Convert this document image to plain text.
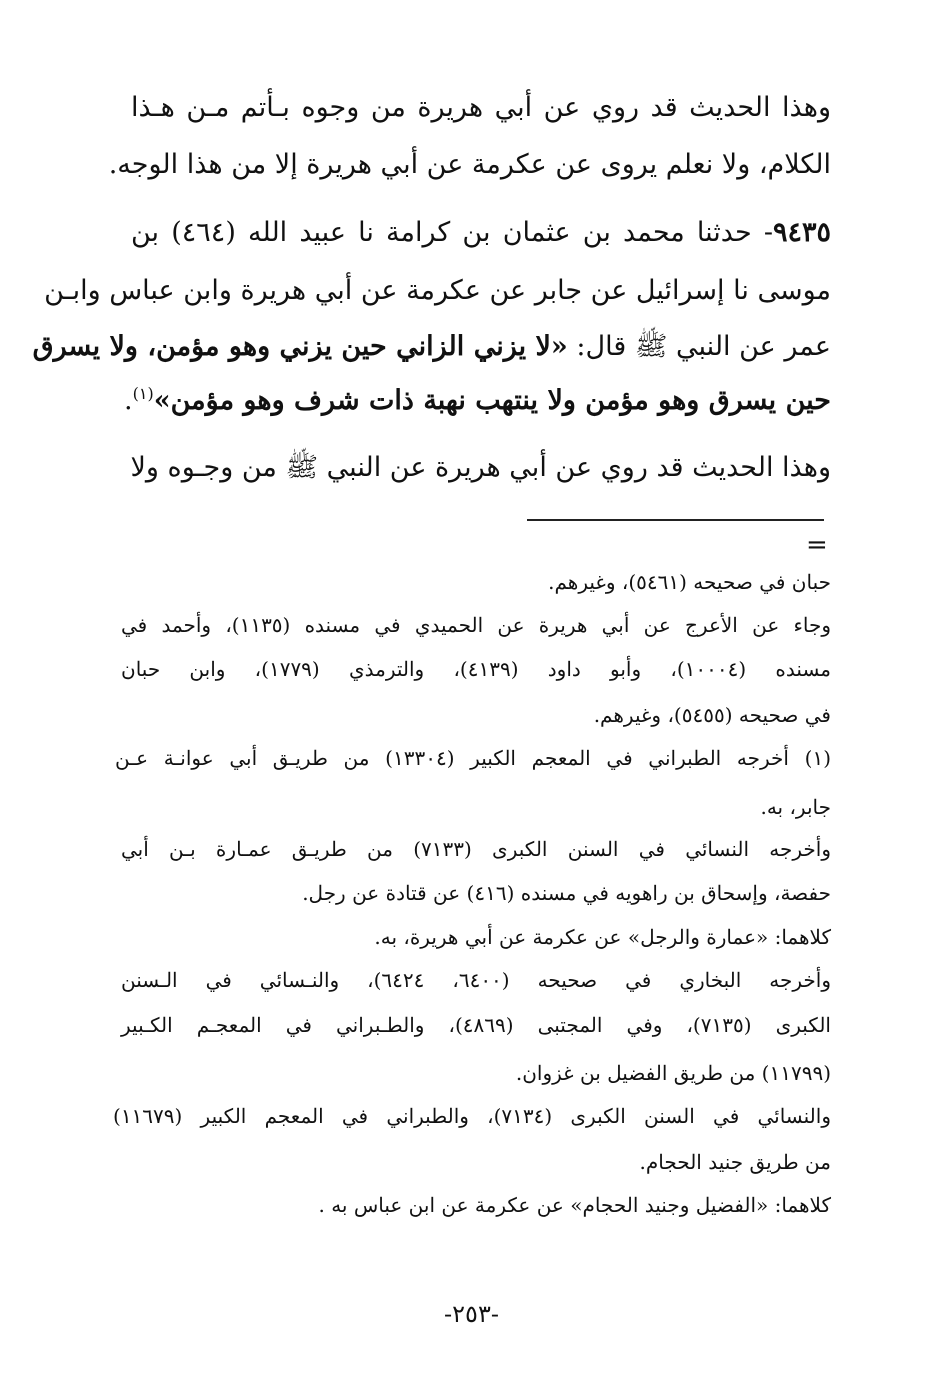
وهذا الحديث قد روي عن أبي هريرة من وجوه بـأتم مـن هـذا
الكلام، ولا نعلم يروى عن عكرمة عن أبي هريرة إلا من هذا الوجه.
٩٤٣٥- حدثنا محمد بن عثمان بن كرامة نا عبيد الله (٤٦٤) بن
موسى نا إسرائيل عن جابر عن عكرمة عن أبي هريرة وابن عباس وابـن
عمر عن النبي ﷺ قال: «لا يزني الزاني حين يزني وهو مؤمن، ولا يسرق
حين يسرق وهو مؤمن ولا ينتهب نهبة ذات شرف وهو مؤمن»$^{(١)}$.
وهذا الحديث قد روي عن أبي هريرة عن النبي ﷺ من وجـوه ولا
=
حبان في صحيحه (٥٤٦١)، وغيرهم.
وجاء عن الأعرج عن أبي هريرة عن الحميدي في مسنده (١١٣٥)، وأحمد في
مسنده (١٠٠٠٤)، وأبو داود (٤١٣٩)، والترمذي (١٧٧٩)، وابن حبان
في صحيحه (٥٤٥٥)، وغيرهم.
(١) أخرجه الطبراني في المعجم الكبير (١٣٣٠٤) من طريـق أبي عوانـة عـن
جابر، به.
وأخرجه النسائي في السنن الكبرى (٧١٣٣) من طريـق عمـارة بـن أبي
حفصة، وإسحاق بن راهويه في مسنده (٤١٦) عن قتادة عن رجل.
كلاهما: «عمارة والرجل» عن عكرمة عن أبي هريرة، به.
وأخرجه البخاري في صحيحه (٦٤٠٠، ٦٤٢٤)، والنـسائي في الـسنن
الكبرى (٧١٣٥)، وفي المجتبى (٤٨٦٩)، والطـبراني في المعجـم الكـبير
(١١٧٩٩) من طريق الفضيل بن غزوان.
والنسائي في السنن الكبرى (٧١٣٤)، والطبراني في المعجم الكبير (١١٦٧٩)
من طريق جنيد الحجام.
كلاهما: «الفضيل وجنيد الحجام» عن عكرمة عن ابن عباس به .
-٢٥٣-
